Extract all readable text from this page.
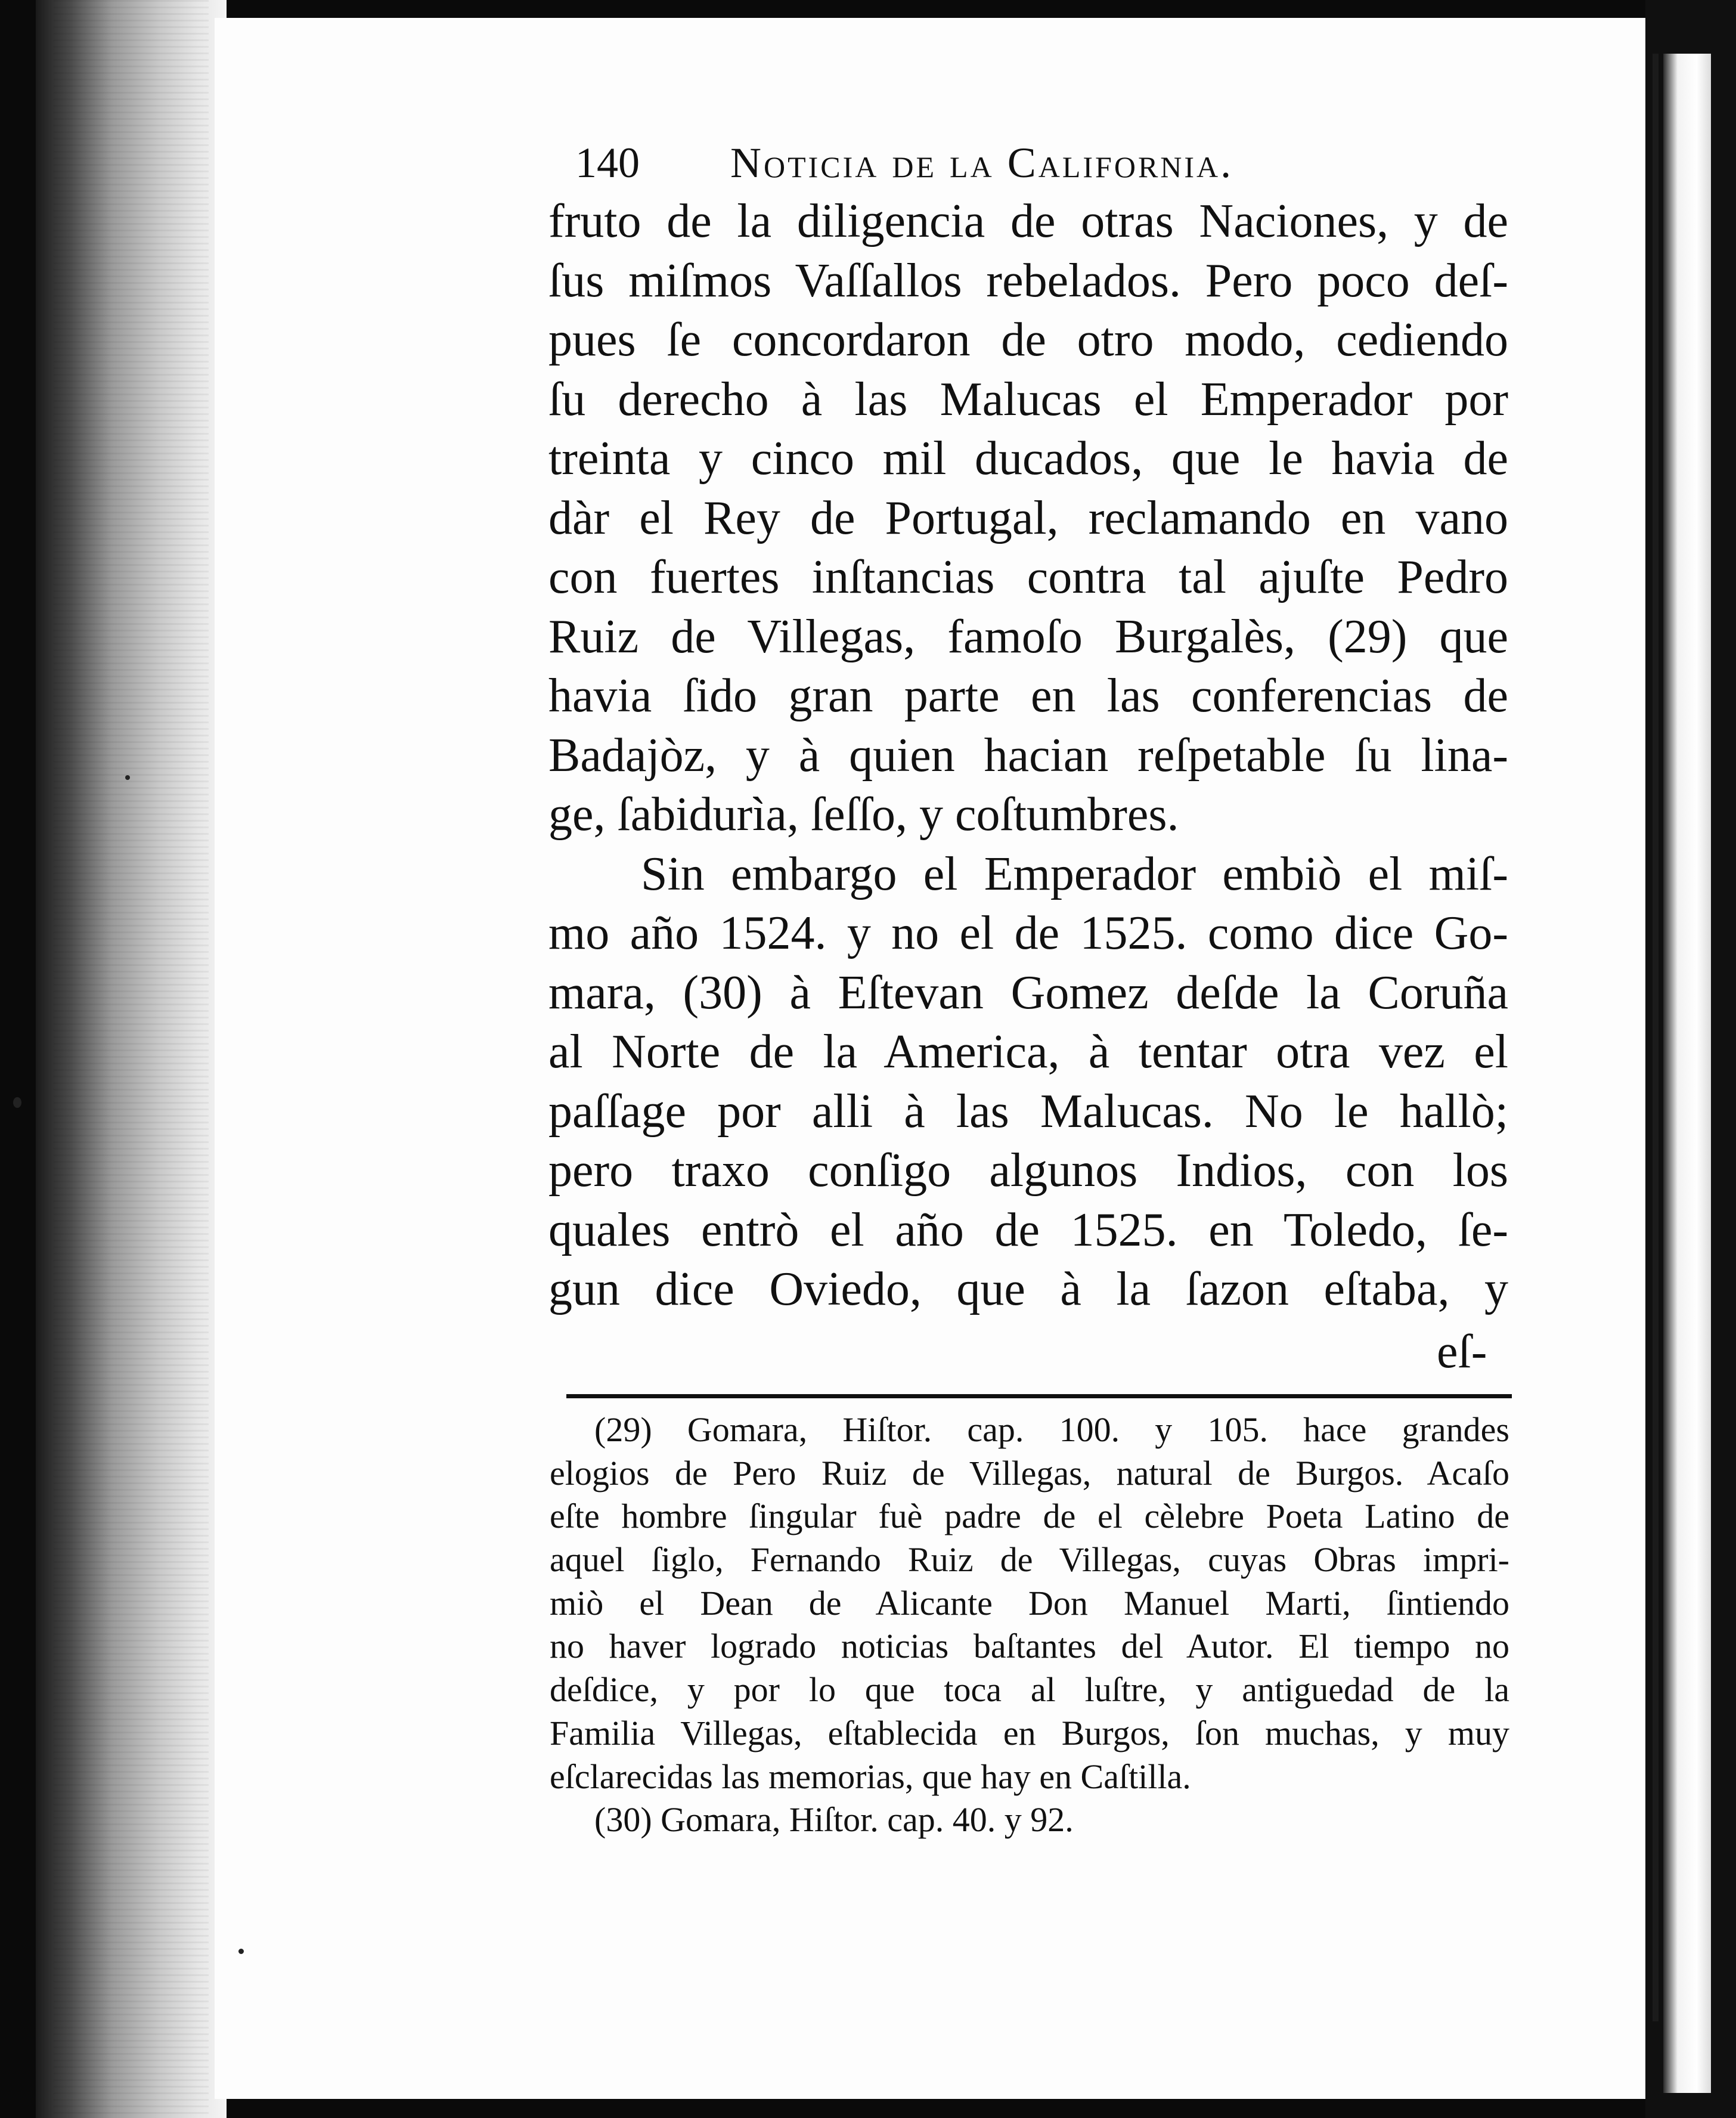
140 Noticia de la California.
fruto de la diligencia de otras Naciones, y de
ſus miſmos Vaſſallos rebelados. Pero poco deſ-
pues ſe concordaron de otro modo, cediendo
ſu derecho à las Malucas el Emperador por
treinta y cinco mil ducados, que le havia de
dàr el Rey de Portugal, reclamando en vano
con fuertes inſtancias contra tal ajuſte Pedro
Ruiz de Villegas, famoſo Burgalès, (29) que
havia ſido gran parte en las conferencias de
Badajòz, y à quien hacian reſpetable ſu lina-
ge, ſabidurìa, ſeſſo, y coſtumbres.
Sin embargo el Emperador embiò el miſ-
mo año 1524. y no el de 1525. como dice Go-
mara, (30) à Eſtevan Gomez deſde la Coruña
al Norte de la America, à tentar otra vez el
paſſage por alli à las Malucas. No le hallò;
pero traxo conſigo algunos Indios, con los
quales entrò el año de 1525. en Toledo, ſe-
gun dice Oviedo, que à la ſazon eſtaba, y
eſ-
(29) Gomara, Hiſtor. cap. 100. y 105. hace grandes
elogios de Pero Ruiz de Villegas, natural de Burgos. Acaſo
eſte hombre ſingular fuè padre de el cèlebre Poeta Latino de
aquel ſiglo, Fernando Ruiz de Villegas, cuyas Obras impri-
miò el Dean de Alicante Don Manuel Marti, ſintiendo
no haver logrado noticias baſtantes del Autor. El tiempo no
deſdice, y por lo que toca al luſtre, y antiguedad de la
Familia Villegas, eſtablecida en Burgos, ſon muchas, y muy
eſclarecidas las memorias, que hay en Caſtilla.
(30) Gomara, Hiſtor. cap. 40. y 92.
